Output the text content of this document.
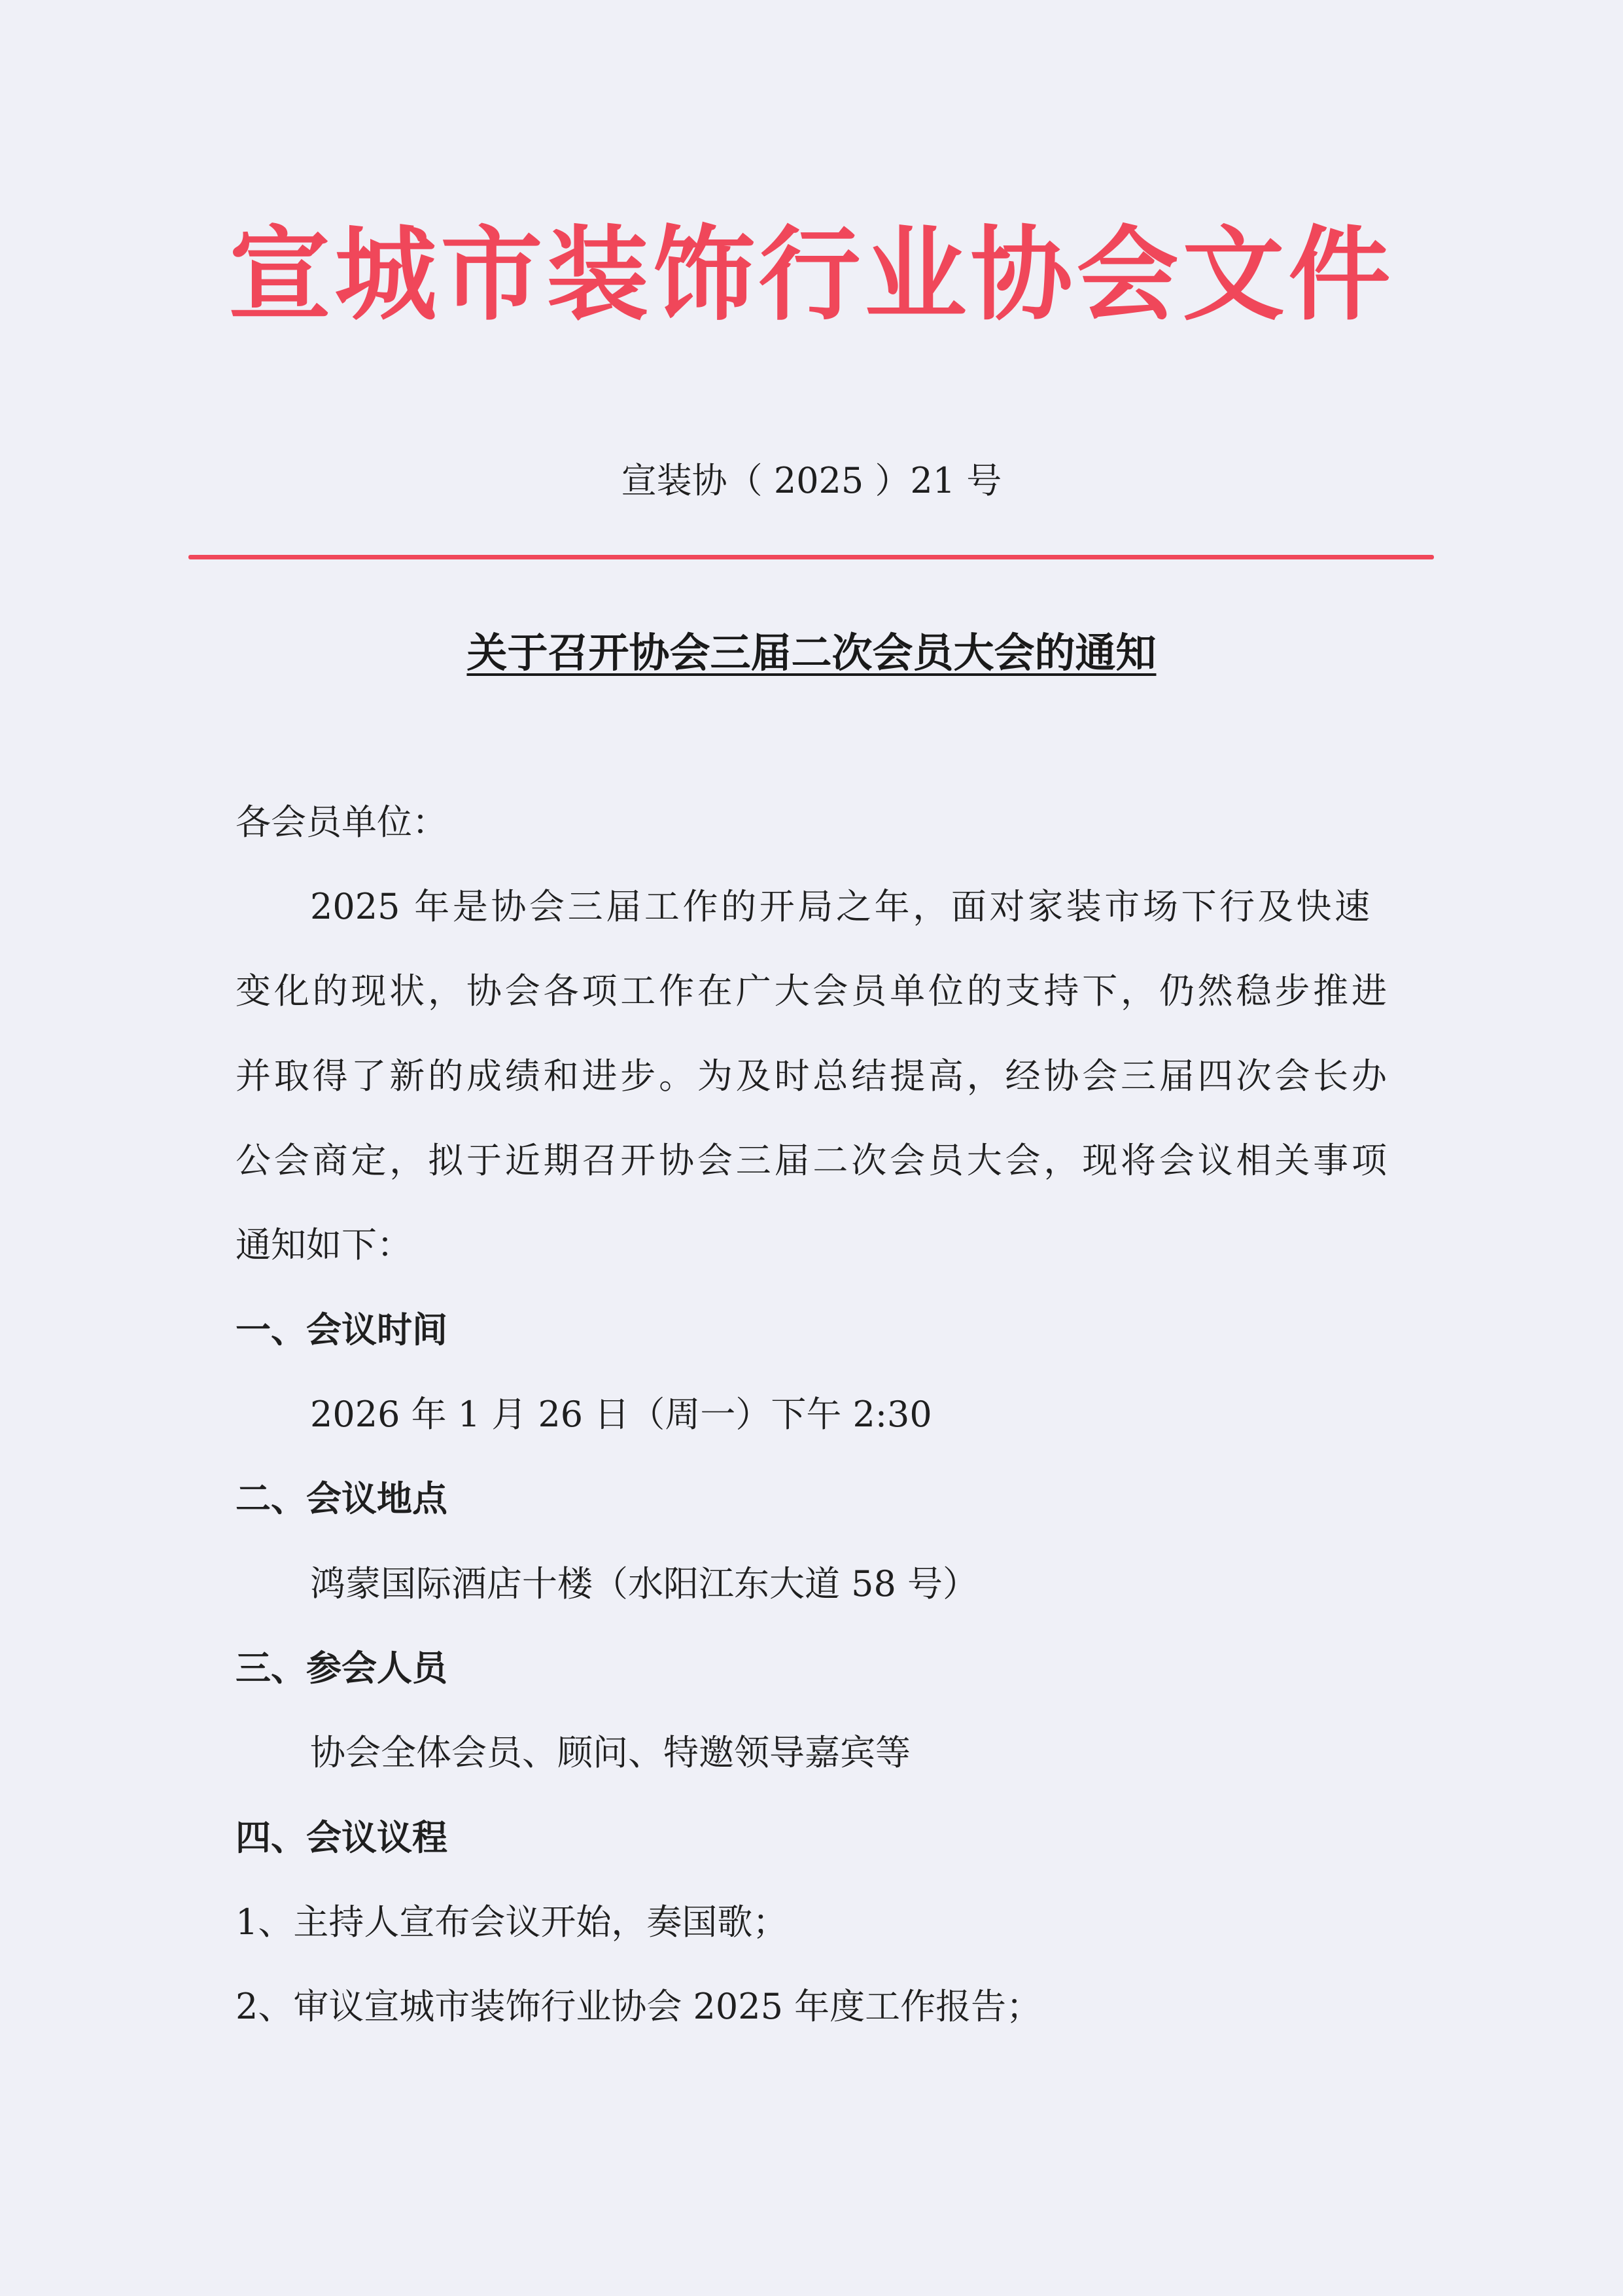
宣城市装饰行业协会文件
宣装协（ 2025 ）21 号
关于召开协会三届二次会员大会的通知
各会员单位：
2025 年是协会三届工作的开局之年，面对家装市场下行及快速
变化的现状，协会各项工作在广大会员单位的支持下，仍然稳步推进
并取得了新的成绩和进步。为及时总结提高，经协会三届四次会长办
公会商定，拟于近期召开协会三届二次会员大会，现将会议相关事项
通知如下：
一、会议时间
2026 年 1 月 26 日（周一）下午 2:30
二、会议地点
鸿蒙国际酒店十楼（水阳江东大道 58 号）
三、参会人员
协会全体会员、顾问、特邀领导嘉宾等
四、会议议程
1、主持人宣布会议开始，奏国歌；
2、审议宣城市装饰行业协会 2025 年度工作报告；
